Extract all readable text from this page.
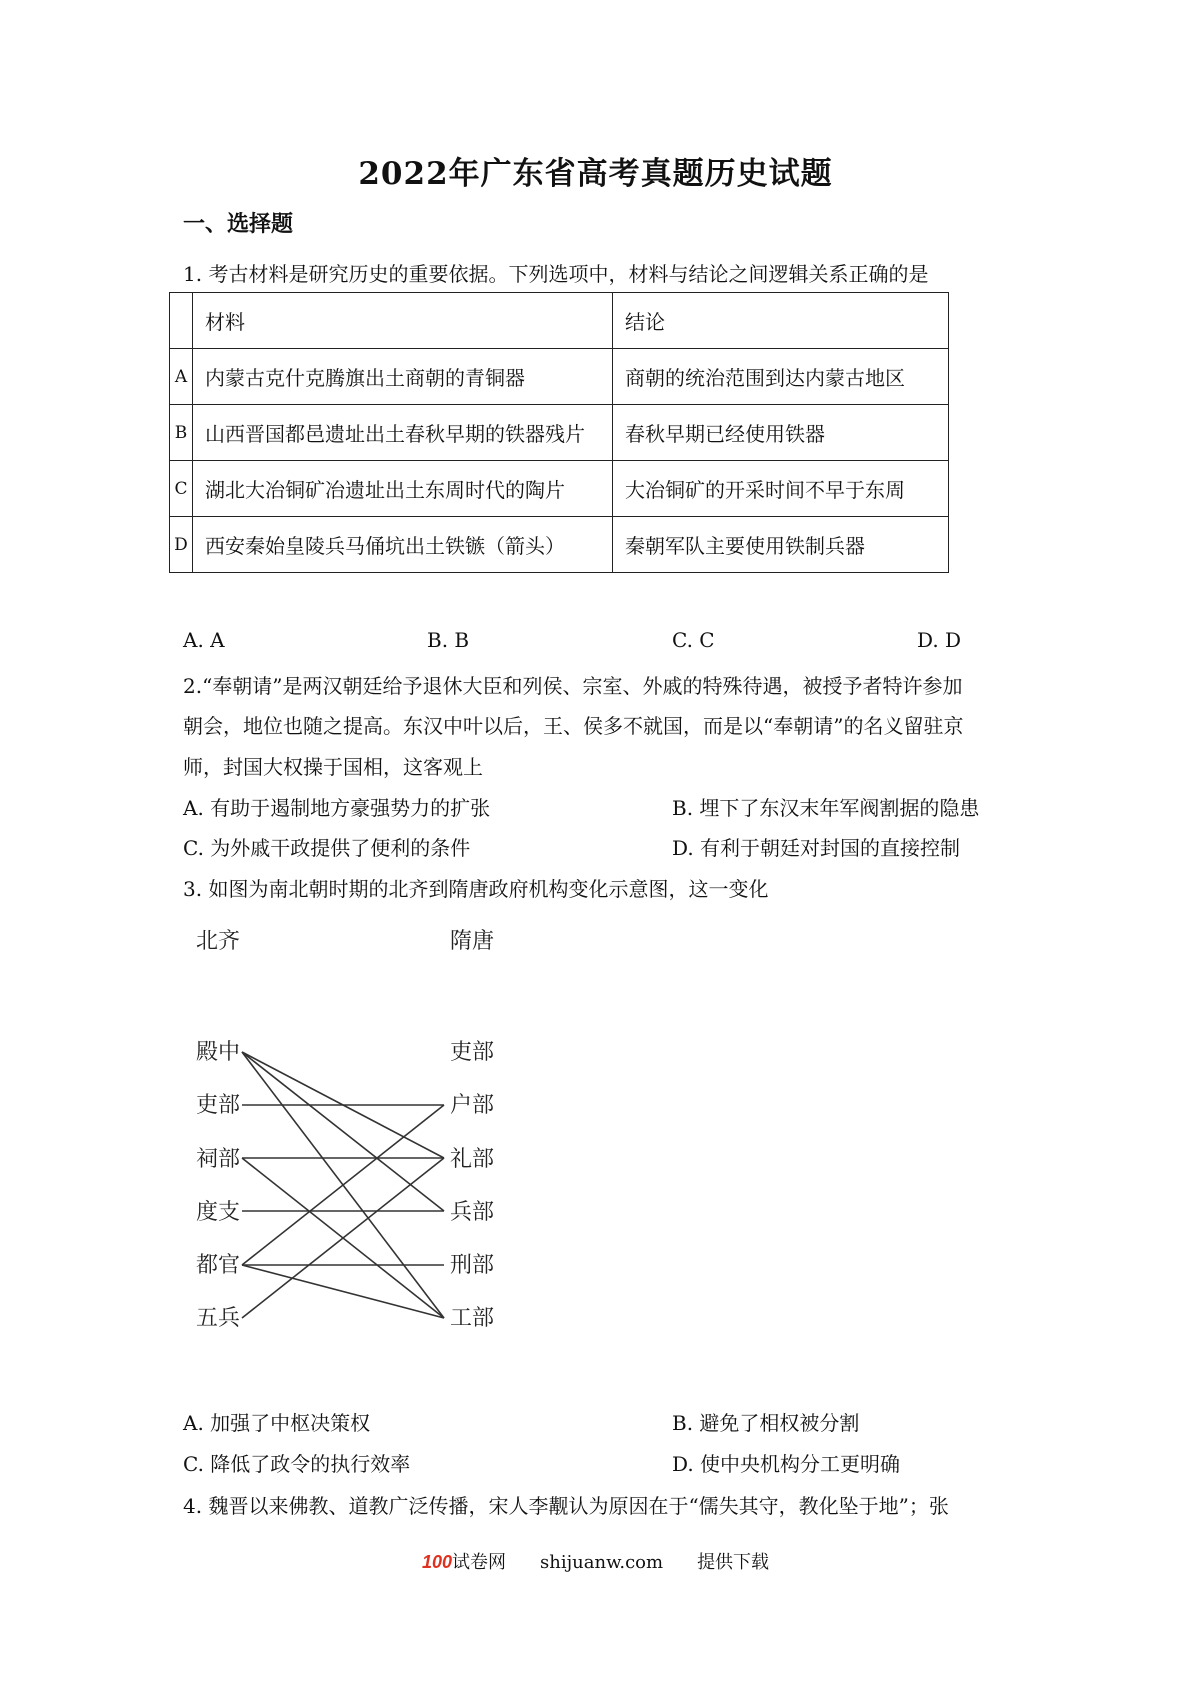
2022年广东省高考真题历史试题
一、选择题
1. 考古材料是研究历史的重要依据。下列选项中，材料与结论之间逻辑关系正确的是
	材料	结论
A	内蒙古克什克腾旗出土商朝的青铜器	商朝的统治范围到达内蒙古地区
B	山西晋国都邑遗址出土春秋早期的铁器残片	春秋早期已经使用铁器
C	湖北大冶铜矿冶遗址出土东周时代的陶片	大冶铜矿的开采时间不早于东周
D	西安秦始皇陵兵马俑坑出土铁镞（箭头）	秦朝军队主要使用铁制兵器
A. A	B. B	C. C	D. D
2.“奉朝请”是两汉朝廷给予退休大臣和列侯、宗室、外戚的特殊待遇，被授予者特许参加
朝会，地位也随之提高。东汉中叶以后，王、侯多不就国，而是以“奉朝请”的名义留驻京
师，封国大权操于国相，这客观上
A. 有助于遏制地方豪强势力的扩张	B. 埋下了东汉末年军阀割据的隐患
C. 为外戚干政提供了便利的条件	D. 有利于朝廷对封国的直接控制
3. 如图为南北朝时期的北齐到隋唐政府机构变化示意图，这一变化
北齐	隋唐
殿中
吏部
祠部
度支
都官
五兵
吏部
户部
礼部
兵部
刑部
工部
A. 加强了中枢决策权	B. 避免了相权被分割
C. 降低了政令的执行效率	D. 使中央机构分工更明确
4. 魏晋以来佛教、道教广泛传播，宋人李觏认为原因在于“儒失其守，教化坠于地”；张
100试卷网 shijuanw.com 提供下载
